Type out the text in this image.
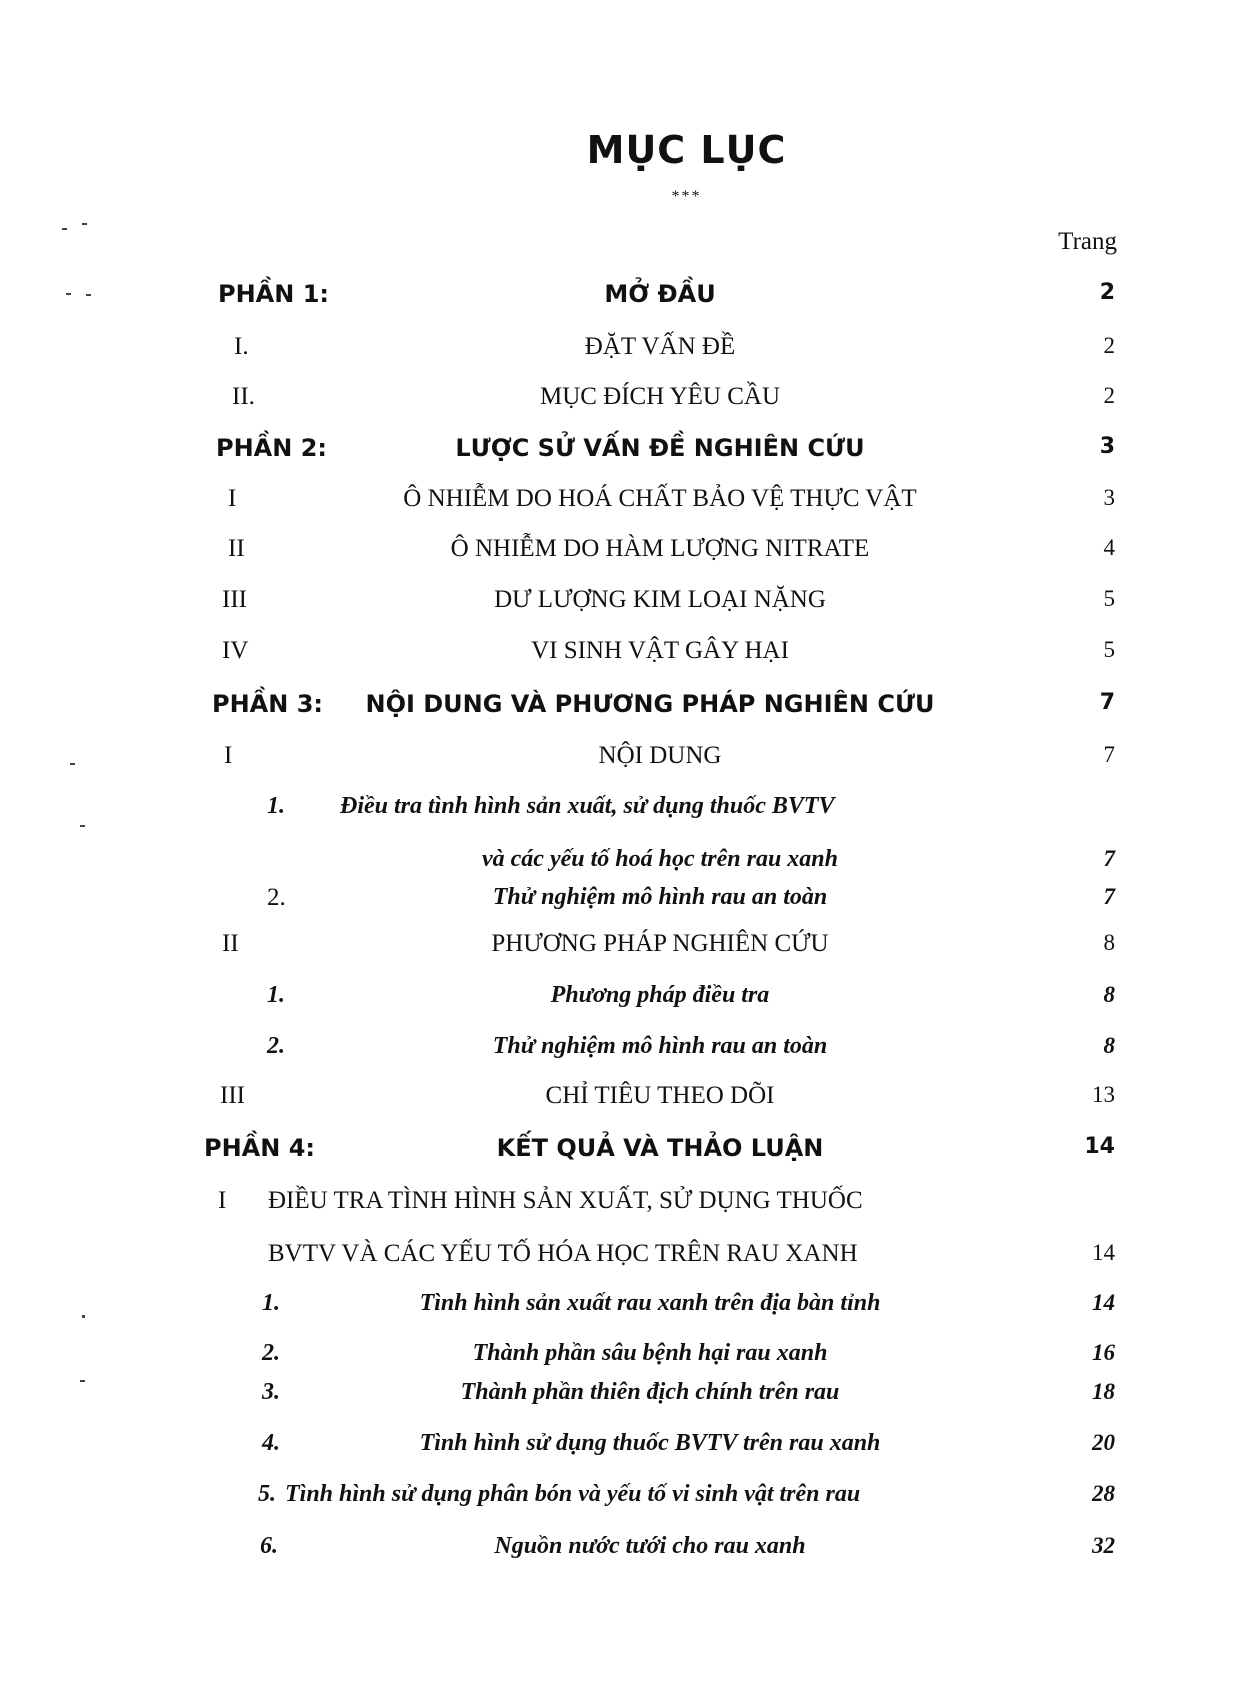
MỤC LỤC
***
Trang
PHẦN 1:	MỞ ĐẦU	2
I.	ĐẶT VẤN ĐỀ	2
II.	MỤC ĐÍCH YÊU CẦU	2
PHẦN 2:	LƯỢC SỬ VẤN ĐỀ NGHIÊN CỨU	3
I	Ô NHIỄM DO HOÁ CHẤT BẢO VỆ THỰC VẬT	3
II	Ô NHIỄM DO HÀM LƯỢNG NITRATE	4
III	DƯ LƯỢNG KIM LOẠI NẶNG	5
IV	VI SINH VẬT GÂY HẠI	5
PHẦN 3:	NỘI DUNG VÀ PHƯƠNG PHÁP NGHIÊN CỨU	7
I	NỘI DUNG	7
1. Điều tra tình hình sản xuất, sử dụng thuốc BVTV
và các yếu tố hoá học trên rau xanh	7
2.	Thử nghiệm mô hình rau an toàn	7
II	PHƯƠNG PHÁP NGHIÊN CỨU	8
1.	Phương pháp điều tra	8
2.	Thử nghiệm mô hình rau an toàn	8
III	CHỈ TIÊU THEO DÕI	13
PHẦN 4:	KẾT QUẢ VÀ THẢO LUẬN	14
I ĐIỀU TRA TÌNH HÌNH SẢN XUẤT, SỬ DỤNG THUỐC
BVTV VÀ CÁC YẾU TỐ HÓA HỌC TRÊN RAU XANH	14
1.	Tình hình sản xuất rau xanh trên địa bàn tỉnh	14
2.	Thành phần sâu bệnh hại rau xanh	16
3.	Thành phần thiên địch chính trên rau	18
4.	Tình hình sử dụng thuốc BVTV trên rau xanh	20
5. Tình hình sử dụng phân bón và yếu tố vi sinh vật trên rau	28
6.	Nguồn nước tưới cho rau xanh	32
